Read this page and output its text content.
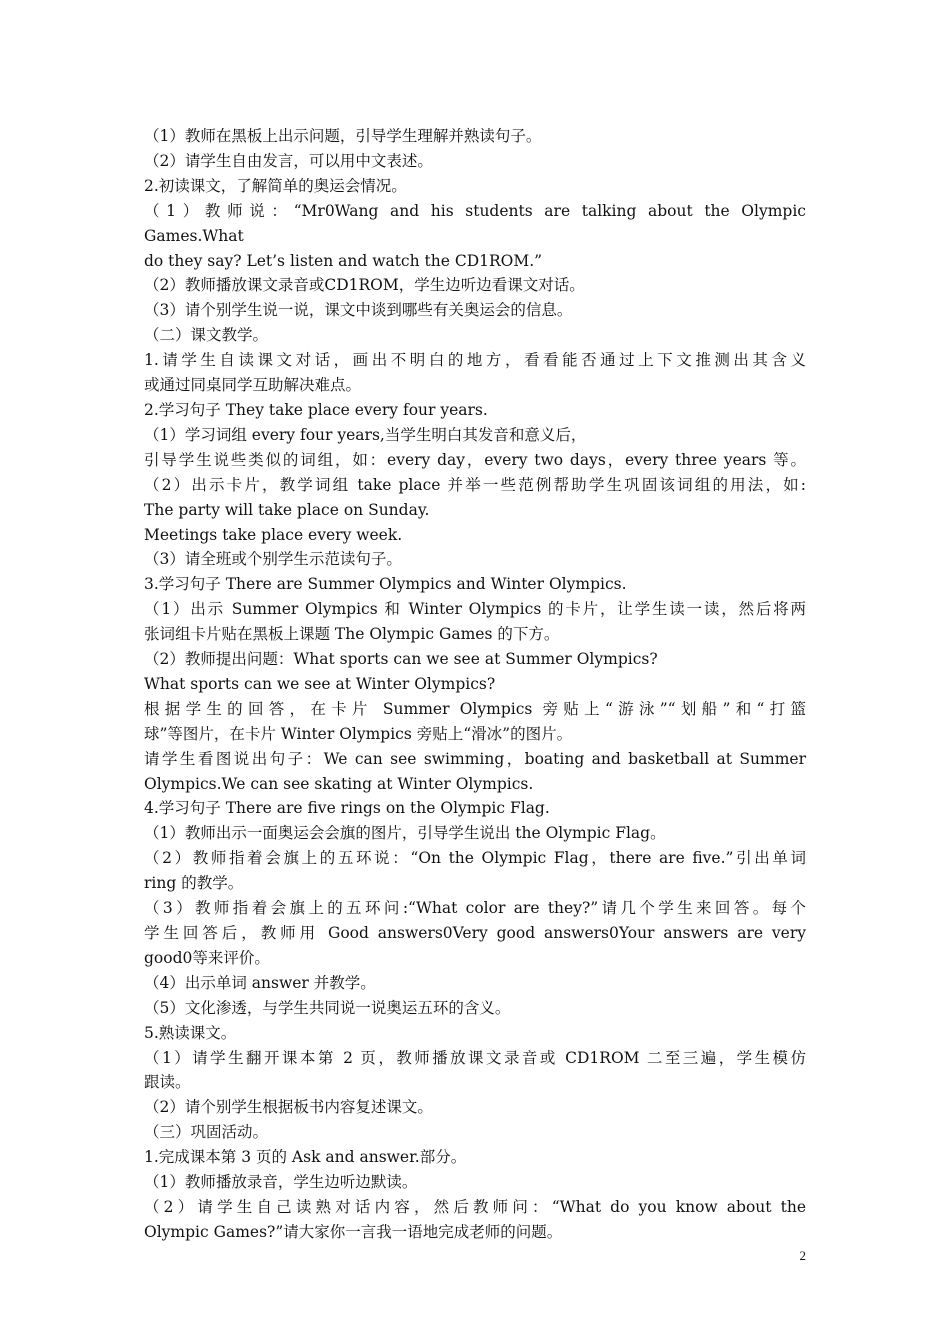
（1）教师在黑板上出示问题，引导学生理解并熟读句子。

（2）请学生自由发言，可以用中文表述。

2.初读课文，了解简单的奥运会情况。

（1）教师说：“Mr0Wang and his students are talking about the Olympic Games.What

do they say? Let’s listen and watch the CD1ROM.”

（2）教师播放课文录音或CD1ROM，学生边听边看课文对话。

（3）请个别学生说一说，课文中谈到哪些有关奥运会的信息。

（二）课文教学。

1.请学生自读课文对话，画出不明白的地方，看看能否通过上下文推测出其含义

或通过同桌同学互助解决难点。

2.学习句子 They take place every four years.

（1）学习词组 every four years,当学生明白其发音和意义后，

引导学生说些类似的词组，如：every day，every two days，every three years 等。

（2）出示卡片，教学词组 take place 并举一些范例帮助学生巩固该词组的用法，如:

The party will take place on Sunday.

Meetings take place every week.

（3）请全班或个别学生示范读句子。

3.学习句子 There are Summer Olympics and Winter Olympics.

（1）出示 Summer Olympics 和 Winter Olympics 的卡片，让学生读一读，然后将两

张词组卡片贴在黑板上课题 The Olympic Games 的下方。

（2）教师提出问题：What sports can we see at Summer Olympics?

What sports can we see at Winter Olympics?

根据学生的回答，在卡片 Summer Olympics 旁贴上“游泳”“划船”和“打篮

球”等图片，在卡片 Winter Olympics 旁贴上“滑冰”的图片。

请学生看图说出句子：We can see swimming，boating and basketball at Summer

Olympics.We can see skating at Winter Olympics.

4.学习句子 There are five rings on the Olympic Flag.

（1）教师出示一面奥运会会旗的图片，引导学生说出 the Olympic Flag。

（2）教师指着会旗上的五环说：“On the Olympic Flag，there are five.”引出单词

ring 的教学。

（3）教师指着会旗上的五环问:“What color are they?”请几个学生来回答。每个

学生回答后，教师用 Good answers0Very good answers0Your answers are very

good0等来评价。

（4）出示单词 answer 并教学。

（5）文化渗透，与学生共同说一说奥运五环的含义。

5.熟读课文。

（1）请学生翻开课本第 2 页，教师播放课文录音或 CD1ROM 二至三遍，学生模仿

跟读。

（2）请个别学生根据板书内容复述课文。

（三）巩固活动。

1.完成课本第 3 页的 Ask and answer.部分。

（1）教师播放录音，学生边听边默读。

（2）请学生自己读熟对话内容，然后教师问：“What do you know about the

Olympic Games?”请大家你一言我一语地完成老师的问题。

2
